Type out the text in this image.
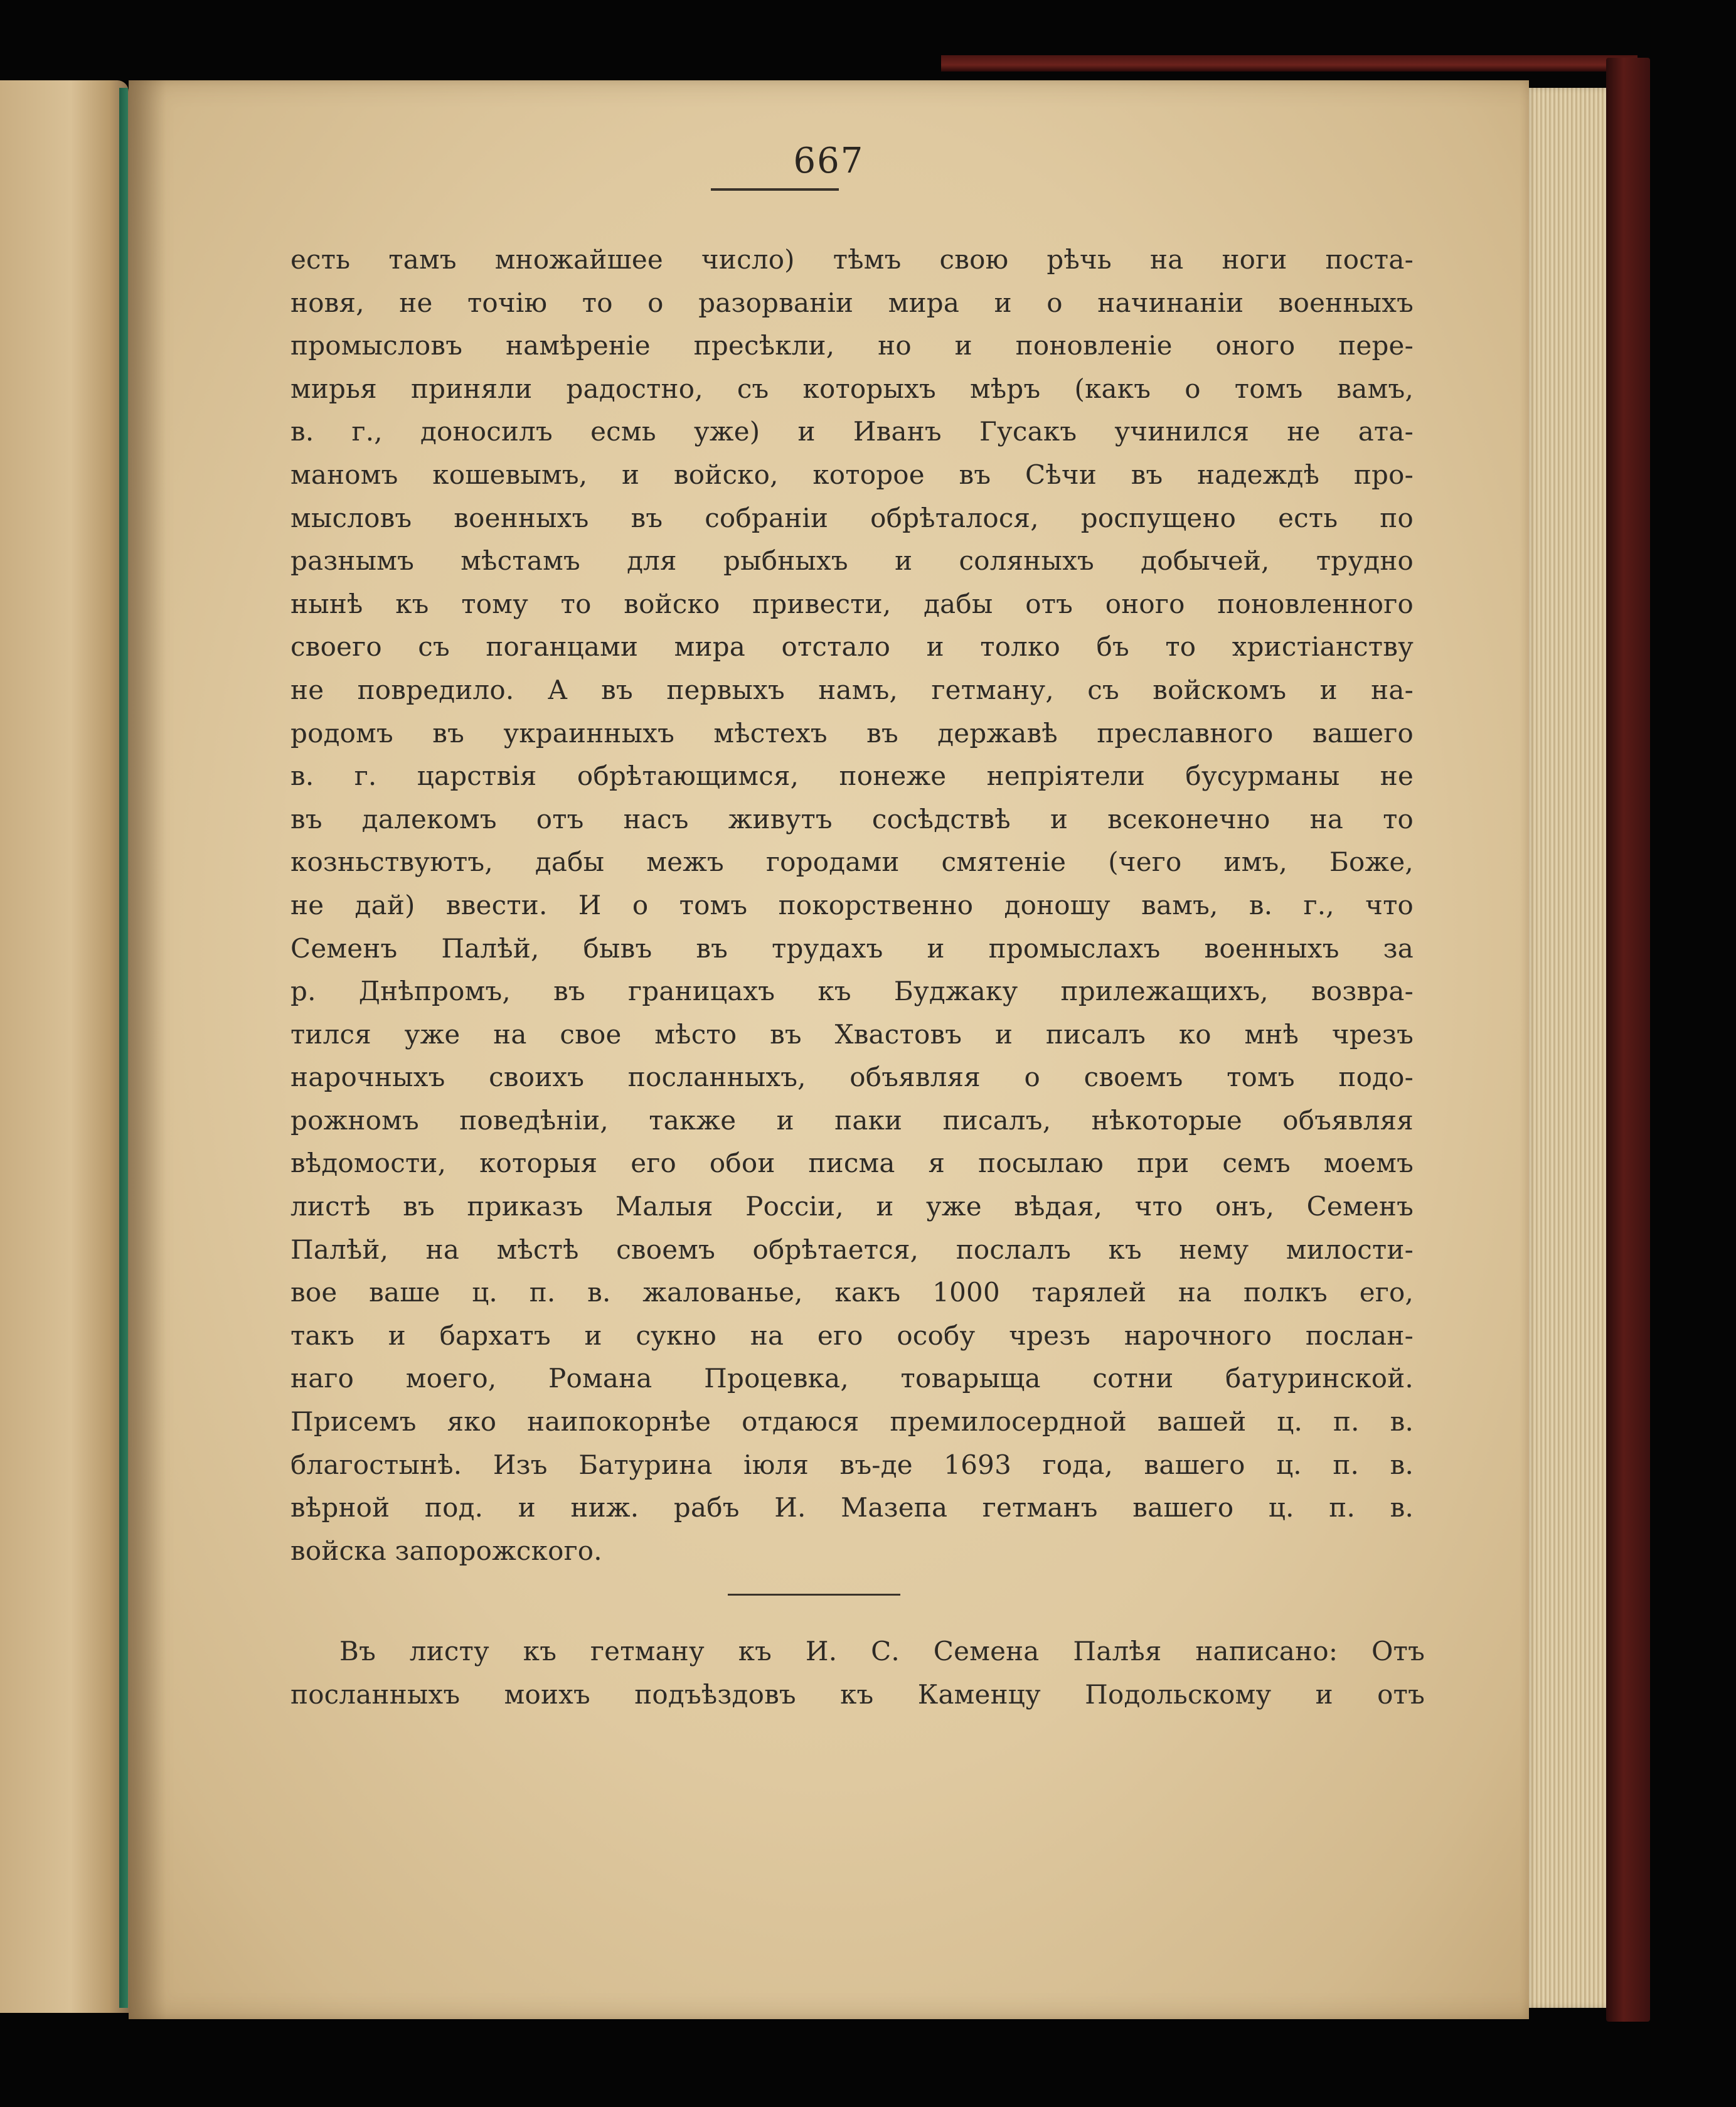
667
есть тамъ множайшее число) тѣмъ свою рѣчь на ноги поста-
новя, не точію то о разорваніи мира и о начинаніи военныхъ
промысловъ намѣреніе пресѣкли, но и поновленіе оного пере-
мирья приняли радостно, съ которыхъ мѣръ (какъ о томъ вамъ,
в. г., доносилъ есмь уже) и Иванъ Гусакъ учинился не ата-
маномъ кошевымъ, и войско, которое въ Сѣчи въ надеждѣ про-
мысловъ военныхъ въ собраніи обрѣталося, роспущено есть по
разнымъ мѣстамъ для рыбныхъ и соляныхъ добычей, трудно
нынѣ къ тому то войско привести, дабы отъ оного поновленного
своего съ поганцами мира отстало и толко бъ то христіанству
не повредило. А въ первыхъ намъ, гетману, съ войскомъ и на-
родомъ въ украинныхъ мѣстехъ въ державѣ преславного вашего
в. г. царствія обрѣтающимся, понеже непріятели бусурманы не
въ далекомъ отъ насъ живутъ сосѣдствѣ и всеконечно на то
козньствуютъ, дабы межъ городами смятеніе (чего имъ, Боже,
не дай) ввести. И о томъ покорственно доношу вамъ, в. г., что
Семенъ Палѣй, бывъ въ трудахъ и промыслахъ военныхъ за
р. Днѣпромъ, въ границахъ къ Буджаку прилежащихъ, возвра-
тился уже на свое мѣсто въ Хвастовъ и писалъ ко мнѣ чрезъ
нарочныхъ своихъ посланныхъ, объявляя о своемъ томъ подо-
рожномъ поведѣніи, также и паки писалъ, нѣкоторые объявляя
вѣдомости, которыя его обои писма я посылаю при семъ моемъ
листѣ въ приказъ Малыя Россіи, и уже вѣдая, что онъ, Семенъ
Палѣй, на мѣстѣ своемъ обрѣтается, послалъ къ нему милости-
вое ваше ц. п. в. жалованье, какъ 1000 тарялей на полкъ его,
такъ и бархатъ и сукно на его особу чрезъ нарочного послан-
наго моего, Романа Процевка, товарыща сотни батуринской.
Присемъ яко наипокорнѣе отдаюся премилосердной вашей ц. п. в.
благостынѣ. Изъ Батурина іюля въ-де 1693 года, вашего ц. п. в.
вѣрной под. и ниж. рабъ И. Мазепа гетманъ вашего ц. п. в.
войска запорожского.
Въ листу къ гетману къ И. С. Семена Палѣя написано: Отъ
посланныхъ моихъ подъѣздовъ къ Каменцу Подольскому и отъ
